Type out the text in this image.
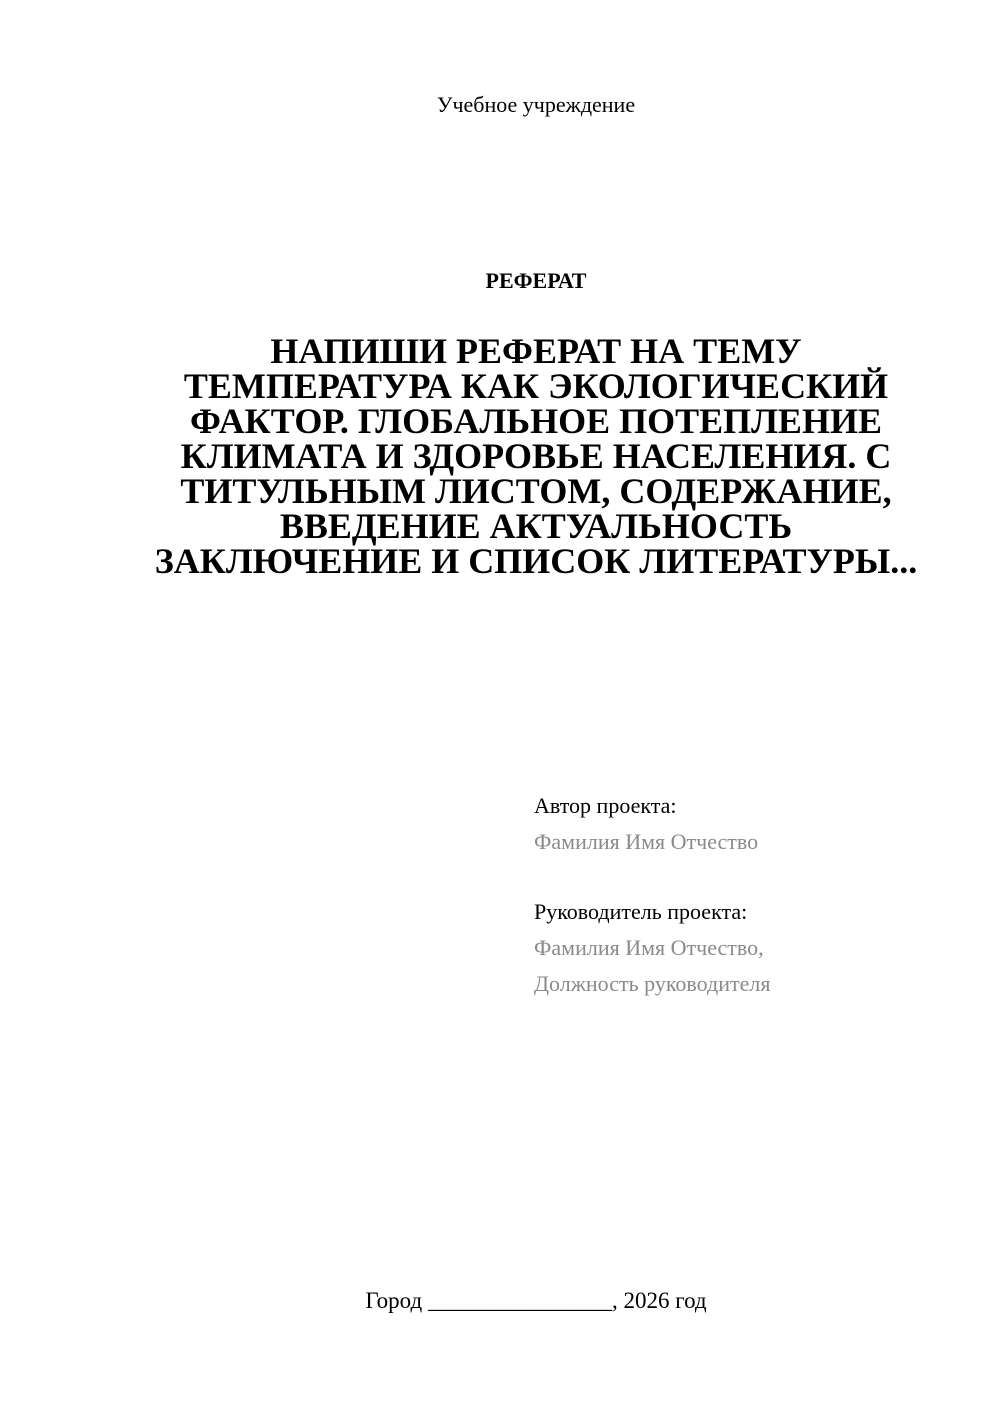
Учебное учреждение
РЕФЕРАТ
НАПИШИ РЕФЕРАТ НА ТЕМУ ТЕМПЕРАТУРА КАК ЭКОЛОГИЧЕСКИЙ ФАКТОР. ГЛОБАЛЬНОЕ ПОТЕПЛЕНИЕ КЛИМАТА И ЗДОРОВЬЕ НАСЕЛЕНИЯ. С ТИТУЛЬНЫМ ЛИСТОМ, СОДЕРЖАНИЕ, ВВЕДЕНИЕ АКТУАЛЬНОСТЬ ЗАКЛЮЧЕНИЕ И СПИСОК ЛИТЕРАТУРЫ...
Автор проекта:
Фамилия Имя Отчество
Руководитель проекта:
Фамилия Имя Отчество,
Должность руководителя
Город ________________, 2026 год
